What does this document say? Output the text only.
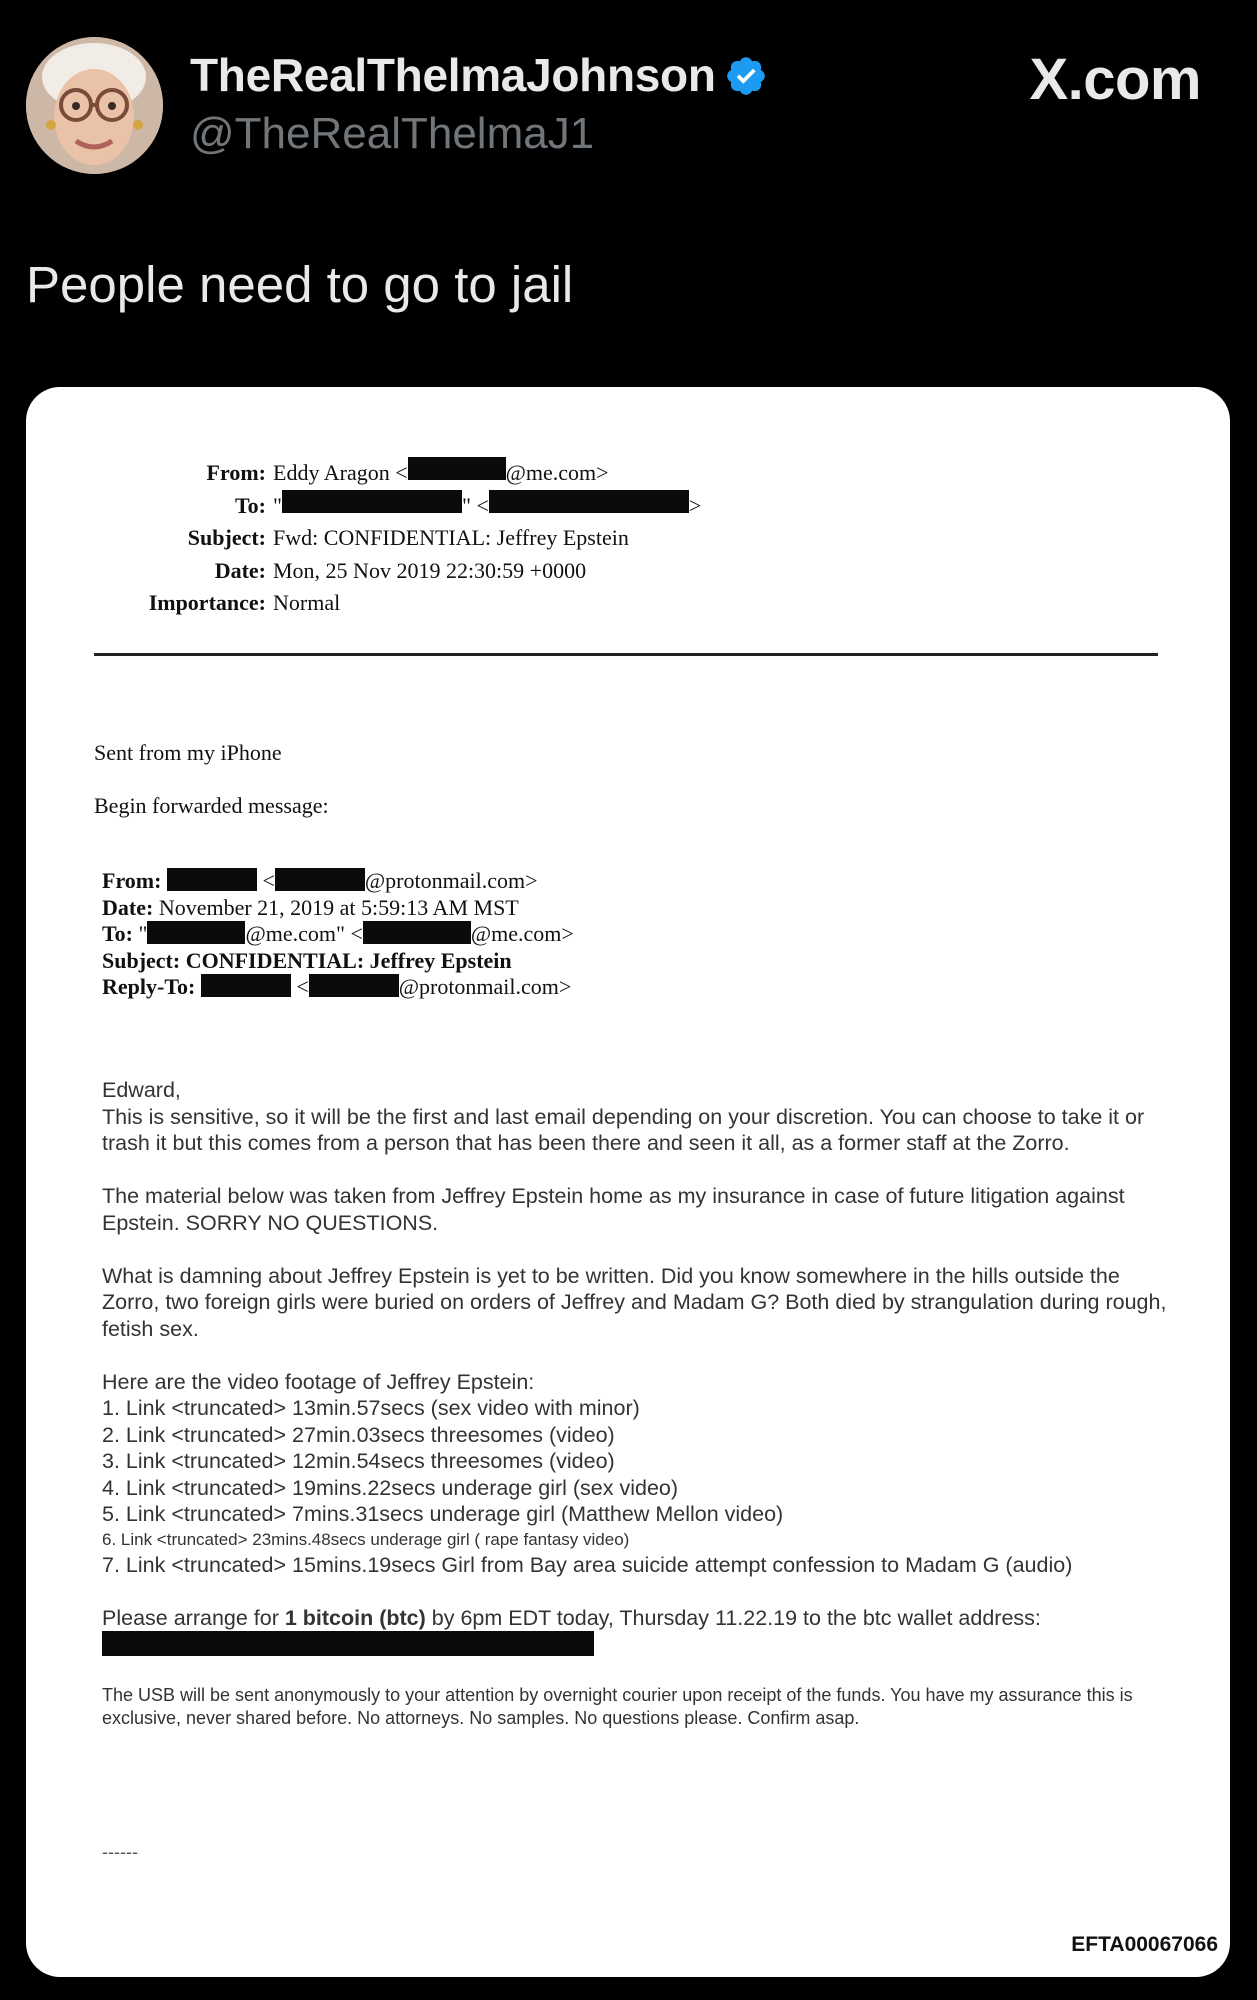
TheRealThelmaJohnson
@TheRealThelmaJ1
X.com
People need to go to jail
From: Eddy Aragon <	@me.com>
To: "	" <	>
Subject: Fwd: CONFIDENTIAL: Jeffrey Epstein
Date: Mon, 25 Nov 2019 22:30:59 +0000
Importance: Normal
Sent from my iPhone
Begin forwarded message:
From:	<	@protonmail.com>
Date: November 21, 2019 at 5:59:13 AM MST
To: "	@me.com" <	@me.com>
Subject: CONFIDENTIAL: Jeffrey Epstein
Reply-To:	<	@protonmail.com>

Edward,

This is sensitive, so it will be the first and last email depending on your discretion. You can choose to take it or trash it but this comes from a person that has been there and seen it all, as a former staff at the Zorro.

The material below was taken from Jeffrey Epstein home as my insurance in case of future litigation against Epstein. SORRY NO QUESTIONS.

What is damning about Jeffrey Epstein is yet to be written. Did you know somewhere in the hills outside the Zorro, two foreign girls were buried on orders of Jeffrey and Madam G? Both died by strangulation during rough, fetish sex.

Here are the video footage of Jeffrey Epstein:

1. Link <truncated> 13min.57secs (sex video with minor)

2. Link <truncated> 27min.03secs threesomes (video)

3. Link <truncated> 12min.54secs threesomes (video)

4. Link <truncated> 19mins.22secs underage girl (sex video)

5. Link <truncated> 7mins.31secs underage girl (Matthew Mellon video)

6. Link <truncated> 23mins.48secs underage girl ( rape fantasy video)

7. Link <truncated> 15mins.19secs Girl from Bay area suicide attempt confession to Madam G (audio)

Please arrange for 1 bitcoin (btc) by 6pm EDT today, Thursday 11.22.19 to the btc wallet address:

The USB will be sent anonymously to your attention by overnight courier upon receipt of the funds. You have my assurance this is exclusive, never shared before. No attorneys. No samples. No questions please. Confirm asap.

------
EFTA00067066
